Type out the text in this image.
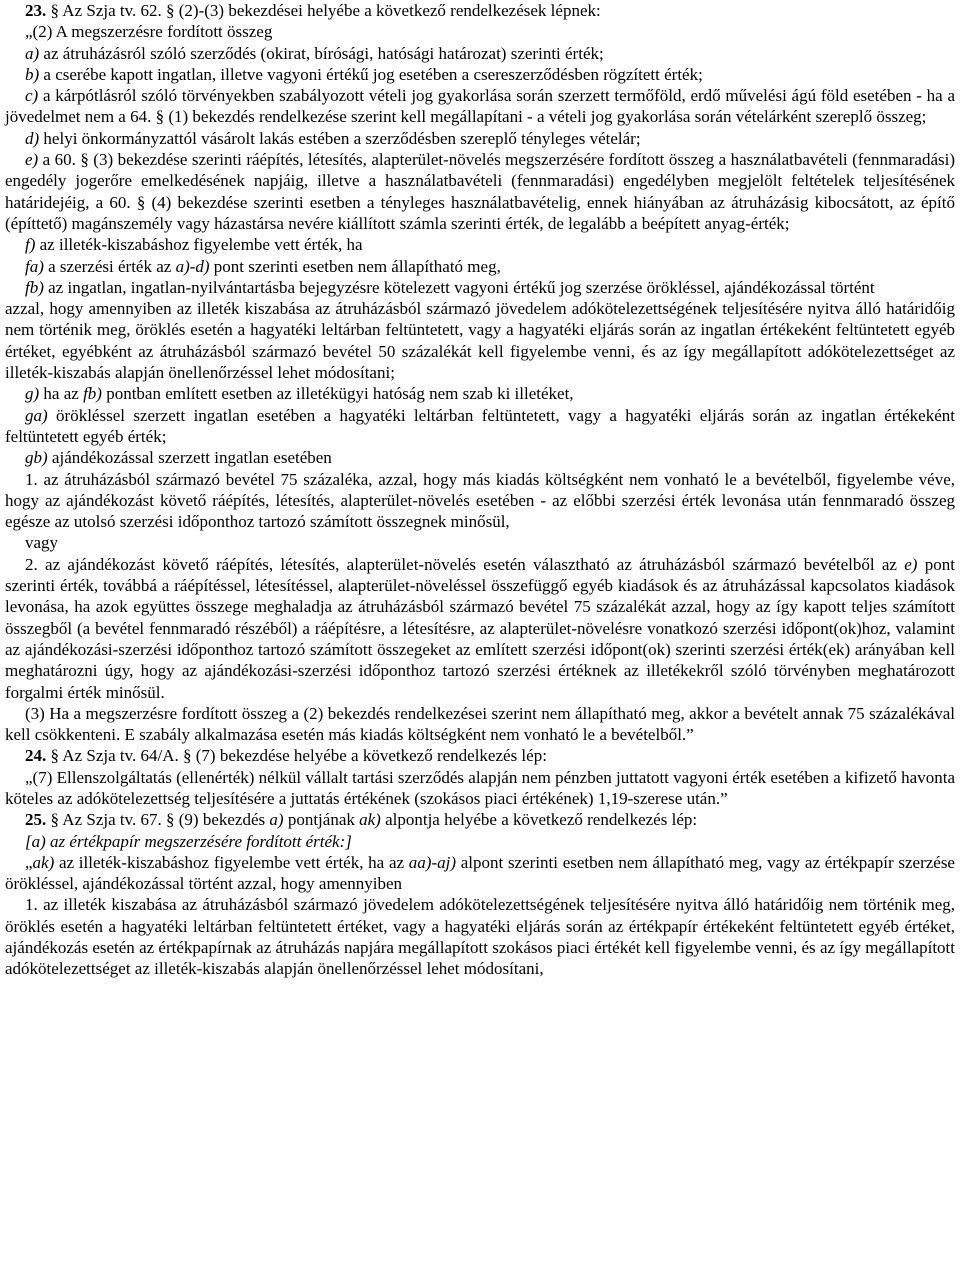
23. § Az Szja tv. 62. § (2)-(3) bekezdései helyébe a következő rendelkezések lépnek:

„(2) A megszerzésre fordított összeg

a) az átruházásról szóló szerződés (okirat, bírósági, hatósági határozat) szerinti érték;

b) a cserébe kapott ingatlan, illetve vagyoni értékű jog esetében a csereszerződésben rögzített érték;

c) a kárpótlásról szóló törvényekben szabályozott vételi jog gyakorlása során szerzett termőföld, erdő művelési ágú föld esetében - ha a jövedelmet nem a 64. § (1) bekezdés rendelkezése szerint kell megállapítani - a vételi jog gyakorlása során vételárként szereplő összeg;

d) helyi önkormányzattól vásárolt lakás estében a szerződésben szereplő tényleges vételár;

e) a 60. § (3) bekezdése szerinti ráépítés, létesítés, alapterület-növelés megszerzésére fordított összeg a használatbavételi (fennmaradási) engedély jogerőre emelkedésének napjáig, illetve a használatbavételi (fennmaradási) engedélyben megjelölt feltételek teljesítésének határidejéig, a 60. § (4) bekezdése szerinti esetben a tényleges használatbavételig, ennek hiányában az átruházásig kibocsátott, az építő (építtető) magánszemély vagy házastársa nevére kiállított számla szerinti érték, de legalább a beépített anyag-érték;

f) az illeték-kiszabáshoz figyelembe vett érték, ha

fa) a szerzési érték az a)-d) pont szerinti esetben nem állapítható meg,

fb) az ingatlan, ingatlan-nyilvántartásba bejegyzésre kötelezett vagyoni értékű jog szerzése örökléssel, ajándékozással történt

azzal, hogy amennyiben az illeték kiszabása az átruházásból származó jövedelem adókötelezettségének teljesítésére nyitva álló határidőig nem történik meg, öröklés esetén a hagyatéki leltárban feltüntetett, vagy a hagyatéki eljárás során az ingatlan értékeként feltüntetett egyéb értéket, egyébként az átruházásból származó bevétel 50 százalékát kell figyelembe venni, és az így megállapított adókötelezettséget az illeték-kiszabás alapján önellenőrzéssel lehet módosítani;

g) ha az fb) pontban említett esetben az illetékügyi hatóság nem szab ki illetéket,

ga) örökléssel szerzett ingatlan esetében a hagyatéki leltárban feltüntetett, vagy a hagyatéki eljárás során az ingatlan értékeként feltüntetett egyéb érték;

gb) ajándékozással szerzett ingatlan esetében

1. az átruházásból származó bevétel 75 százaléka, azzal, hogy más kiadás költségként nem vonható le a bevételből, figyelembe véve, hogy az ajándékozást követő ráépítés, létesítés, alapterület-növelés esetében - az előbbi szerzési érték levonása után fennmaradó összeg egésze az utolsó szerzési időponthoz tartozó számított összegnek minősül,

vagy

2. az ajándékozást követő ráépítés, létesítés, alapterület-növelés esetén választható az átruházásból származó bevételből az e) pont szerinti érték, továbbá a ráépítéssel, létesítéssel, alapterület-növeléssel összefüggő egyéb kiadások és az átruházással kapcsolatos kiadások levonása, ha azok együttes összege meghaladja az átruházásból származó bevétel 75 százalékát azzal, hogy az így kapott teljes számított összegből (a bevétel fennmaradó részéből) a ráépítésre, a létesítésre, az alapterület-növelésre vonatkozó szerzési időpont(ok)hoz, valamint az ajándékozási-szerzési időponthoz tartozó számított összegeket az említett szerzési időpont(ok) szerinti szerzési érték(ek) arányában kell meghatározni úgy, hogy az ajándékozási-szerzési időponthoz tartozó szerzési értéknek az illetékekről szóló törvényben meghatározott forgalmi érték minősül.

(3) Ha a megszerzésre fordított összeg a (2) bekezdés rendelkezései szerint nem állapítható meg, akkor a bevételt annak 75 százalékával kell csökkenteni. E szabály alkalmazása esetén más kiadás költségként nem vonható le a bevételből.”

24. § Az Szja tv. 64/A. § (7) bekezdése helyébe a következő rendelkezés lép:

„(7) Ellenszolgáltatás (ellenérték) nélkül vállalt tartási szerződés alapján nem pénzben juttatott vagyoni érték esetében a kifizető havonta köteles az adókötelezettség teljesítésére a juttatás értékének (szokásos piaci értékének) 1,19-szerese után.”

25. § Az Szja tv. 67. § (9) bekezdés a) pontjának ak) alpontja helyébe a következő rendelkezés lép:

[a) az értékpapír megszerzésére fordított érték:]

„ak) az illeték-kiszabáshoz figyelembe vett érték, ha az aa)-aj) alpont szerinti esetben nem állapítható meg, vagy az értékpapír szerzése örökléssel, ajándékozással történt azzal, hogy amennyiben

1. az illeték kiszabása az átruházásból származó jövedelem adókötelezettségének teljesítésére nyitva álló határidőig nem történik meg, öröklés esetén a hagyatéki leltárban feltüntetett értéket, vagy a hagyatéki eljárás során az értékpapír értékeként feltüntetett egyéb értéket, ajándékozás esetén az értékpapírnak az átruházás napjára megállapított szokásos piaci értékét kell figyelembe venni, és az így megállapított adókötelezettséget az illeték-kiszabás alapján önellenőrzéssel lehet módosítani,
